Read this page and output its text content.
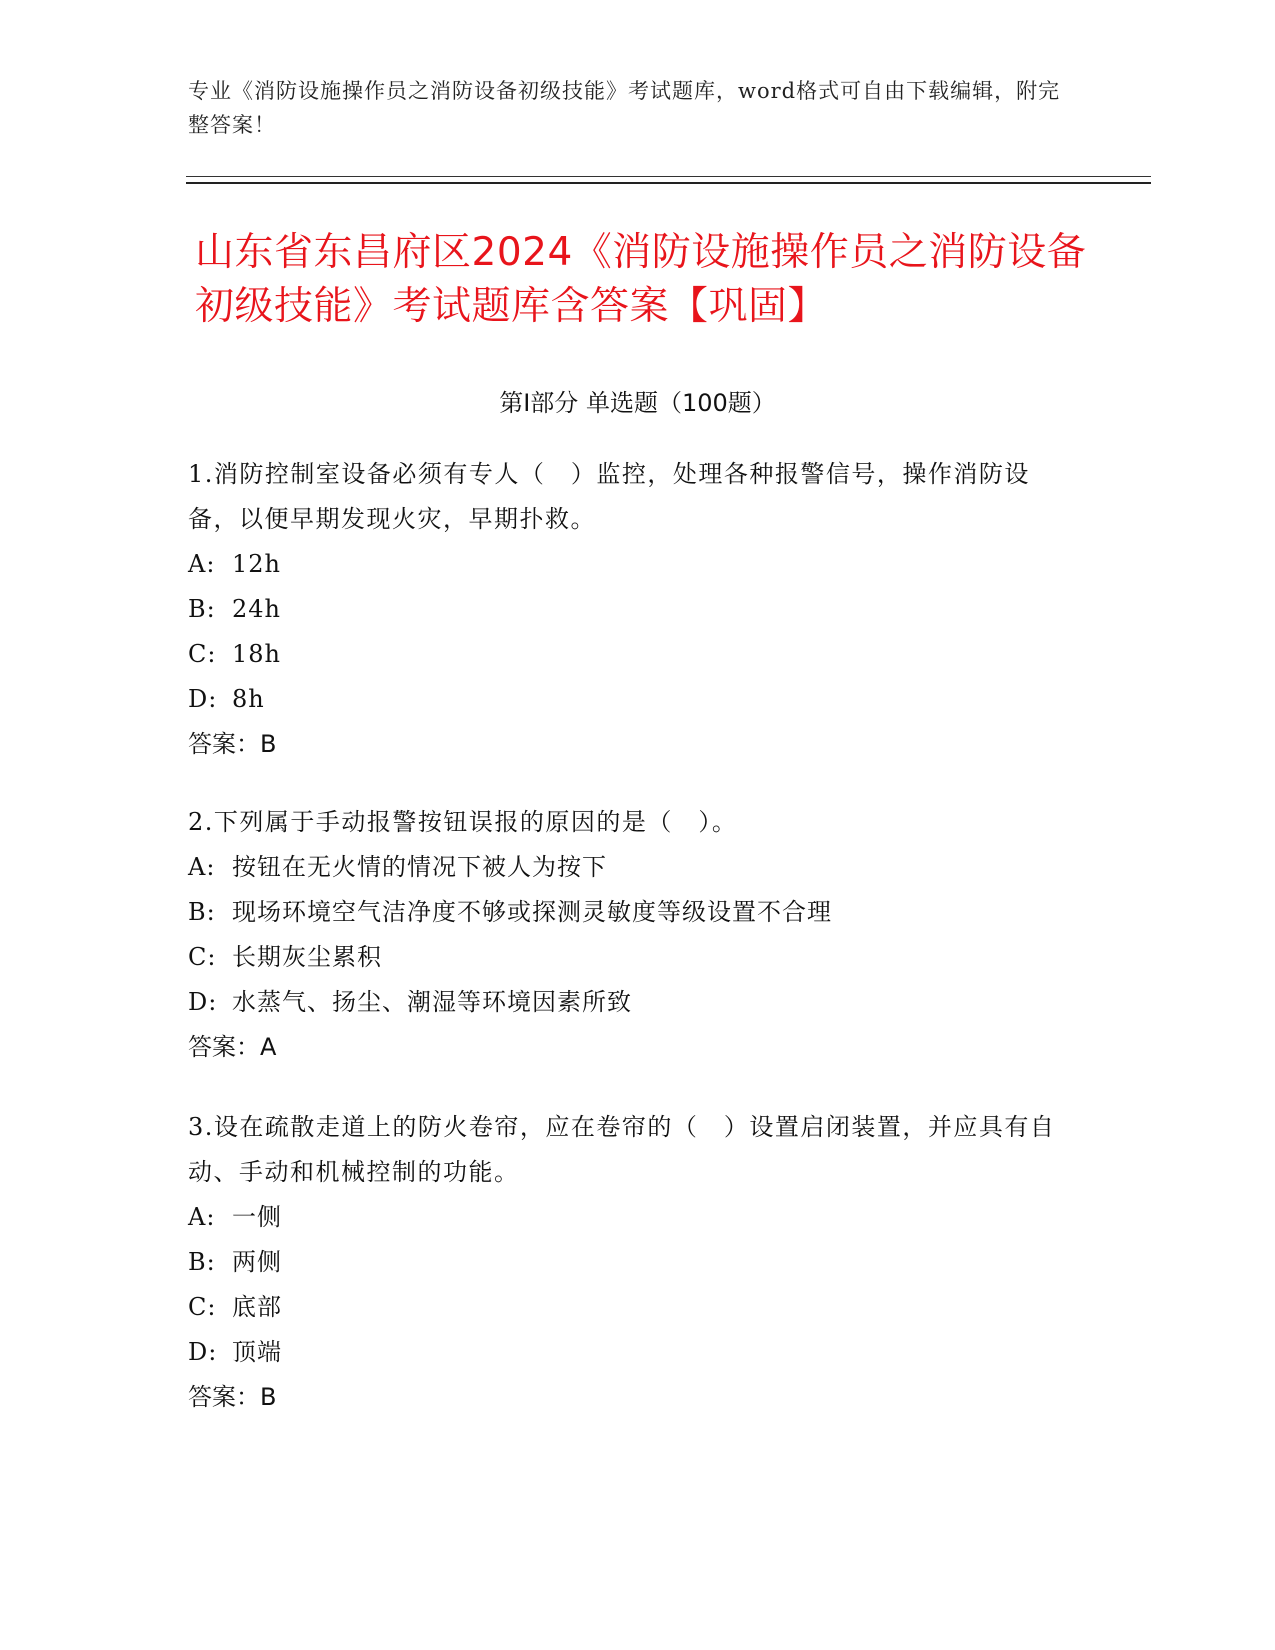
专业《消防设施操作员之消防设备初级技能》考试题库，word格式可自由下载编辑，附完整答案！
山东省东昌府区2024《消防设施操作员之消防设备初级技能》考试题库含答案【巩固】
第I部分 单选题（100题）
1.消防控制室设备必须有专人（　）监控，处理各种报警信号，操作消防设备，以便早期发现火灾，早期扑救。
A: 12h
B: 24h
C: 18h
D: 8h
答案：B
2.下列属于手动报警按钮误报的原因的是（　）。
A: 按钮在无火情的情况下被人为按下
B: 现场环境空气洁净度不够或探测灵敏度等级设置不合理
C: 长期灰尘累积
D: 水蒸气、扬尘、潮湿等环境因素所致
答案：A
3.设在疏散走道上的防火卷帘，应在卷帘的（　）设置启闭装置，并应具有自动、手动和机械控制的功能。
A: 一侧
B: 两侧
C: 底部
D: 顶端
答案：B
